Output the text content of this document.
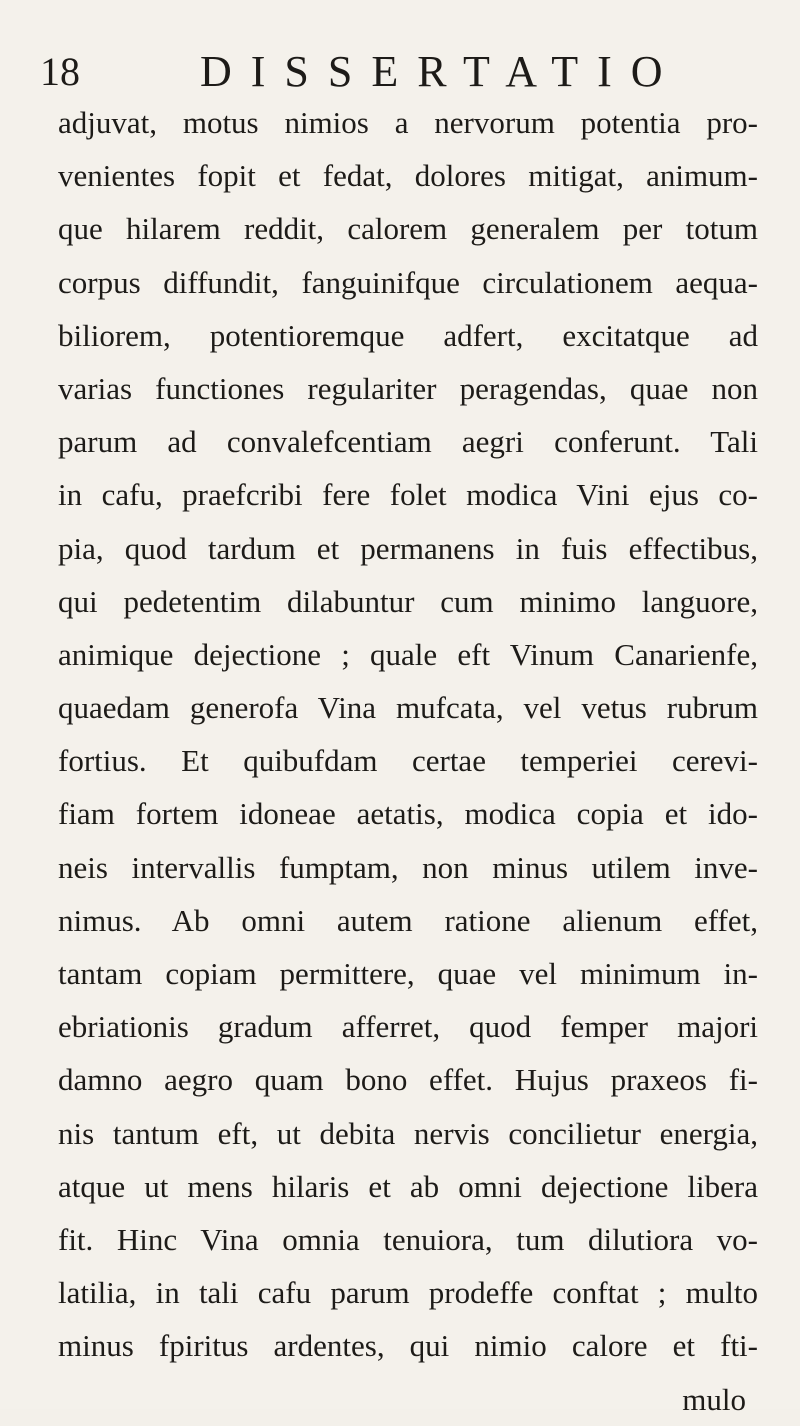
18	DISSERTATIO
adjuvat, motus nimios a nervorum potentia pro-
venientes fopit et fedat, dolores mitigat, animum-
que hilarem reddit, calorem generalem per totum
corpus diffundit, fanguinifque circulationem aequa-
biliorem, potentioremque adfert, excitatque ad
varias functiones regulariter peragendas, quae non
parum ad convalefcentiam aegri conferunt. Tali
in cafu, praefcribi fere folet modica Vini ejus co-
pia, quod tardum et permanens in fuis effectibus,
qui pedetentim dilabuntur cum minimo languore,
animique dejectione ; quale eft Vinum Canarienfe,
quaedam generofa Vina mufcata, vel vetus rubrum
fortius. Et quibufdam certae temperiei cerevi-
fiam fortem idoneae aetatis, modica copia et ido-
neis intervallis fumptam, non minus utilem inve-
nimus. Ab omni autem ratione alienum effet,
tantam copiam permittere, quae vel minimum in-
ebriationis gradum afferret, quod femper majori
damno aegro quam bono effet. Hujus praxeos fi-
nis tantum eft, ut debita nervis concilietur energia,
atque ut mens hilaris et ab omni dejectione libera
fit. Hinc Vina omnia tenuiora, tum dilutiora vo-
latilia, in tali cafu parum prodeffe conftat ; multo
minus fpiritus ardentes, qui nimio calore et fti-
mulo
